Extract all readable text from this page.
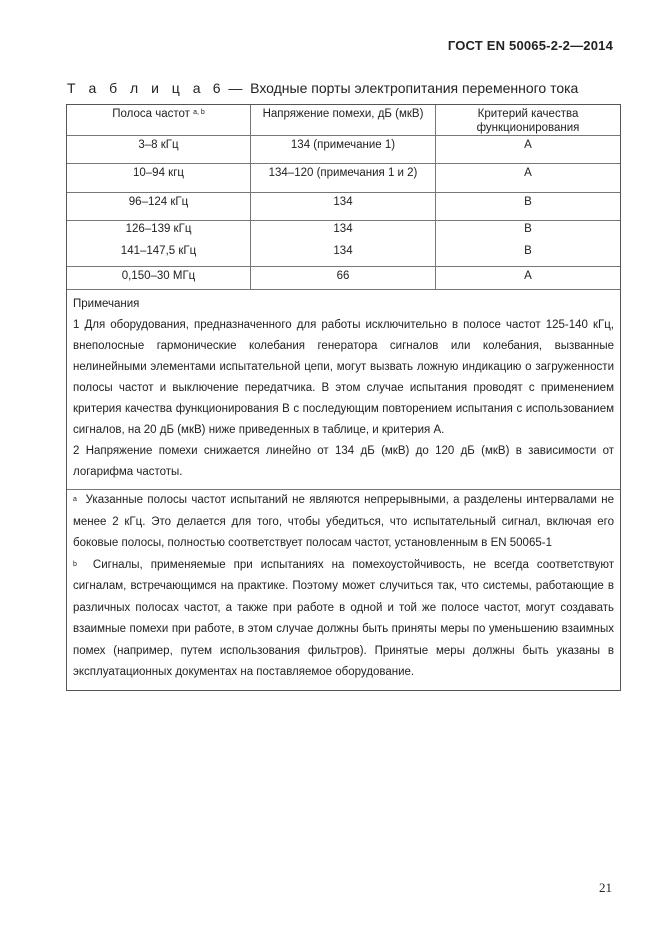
ГОСТ EN 50065-2-2—2014
Т а б л и ц а 6 — Входные порты электропитания переменного тока
Полоса частот $^{a, b}$	Напряжение помехи, дБ (мкВ)	Критерий качества функционирования
3–8 кГц	134 (примечание 1)	A
10–94 кгц	134–120 (примечания 1 и 2)	A
96–124 кГц	134	B
126–139 кГц	134	B
141–147,5 кГц	134	B
0,150–30 МГц	66	A
Примечания
1 Для оборудования, предназначенного для работы исключительно в полосе частот 125-140 кГц, внеполосные гармонические колебания генератора сигналов или колебания, вызванные нелинейными элементами испытательной цепи, могут вызвать ложную индикацию о загруженности полосы частот и выключение передатчика. В этом случае испытания проводят с применением критерия качества функционирования B с последующим повторением испытания с использованием сигналов, на 20 дБ (мкВ) ниже приведенных в таблице, и критерия A.
2 Напряжение помехи снижается линейно от 134 дБ (мкВ) до 120 дБ (мкВ) в зависимости от логарифма частоты.
$^a$ Указанные полосы частот испытаний не являются непрерывными, а разделены интервалами не менее 2 кГц. Это делается для того, чтобы убедиться, что испытательный сигнал, включая его боковые полосы, полностью соответствует полосам частот, установленным в EN 50065-1
$^b$ Сигналы, применяемые при испытаниях на помехоустойчивость, не всегда соответствуют сигналам, встречающимся на практике. Поэтому может случиться так, что системы, работающие в различных полосах частот, а также при работе в одной и той же полосе частот, могут создавать взаимные помехи при работе, в этом случае должны быть приняты меры по уменьшению взаимных помех (например, путем использования фильтров). Принятые меры должны быть указаны в эксплуатационных документах на поставляемое оборудование.
21
